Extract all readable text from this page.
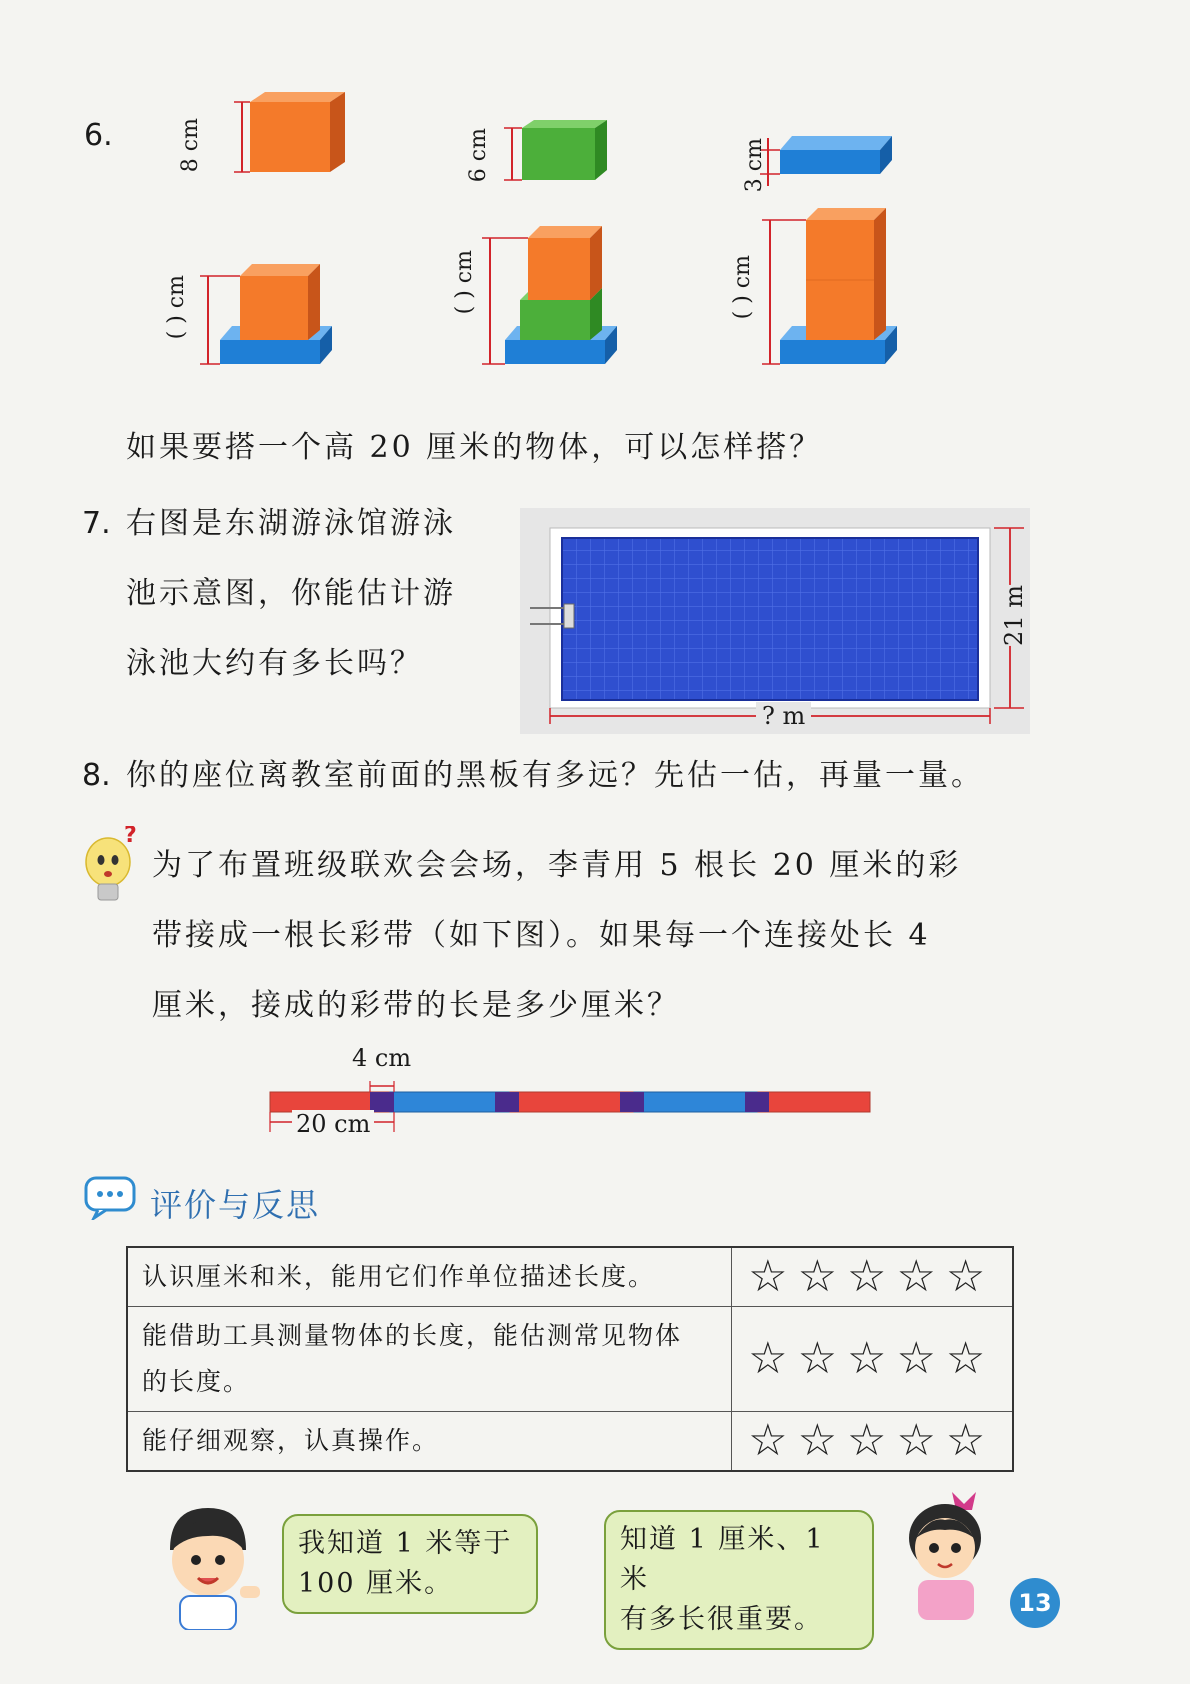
6.	8 cm	6 cm	3 cm
( ) cm	( ) cm	( ) cm
如果要搭一个高 20 厘米的物体，可以怎样搭？
7. 右图是东湖游泳馆游泳
池示意图，你能估计游
泳池大约有多长吗？
21 m
? m
8. 你的座位离教室前面的黑板有多远？先估一估，再量一量。
?
为了布置班级联欢会会场，李青用 5 根长 20 厘米的彩
带接成一根长彩带（如下图）。如果每一个连接处长 4
厘米，接成的彩带的长是多少厘米？
4 cm
20 cm
评价与反思
认识厘米和米，能用它们作单位描述长度。	☆☆☆☆☆
能借助工具测量物体的长度，能估测常见物体的长度。	☆☆☆☆☆
能仔细观察，认真操作。	☆☆☆☆☆
我知道 1 米等于
100 厘米。
知道 1 厘米、1 米
有多长很重要。
13
